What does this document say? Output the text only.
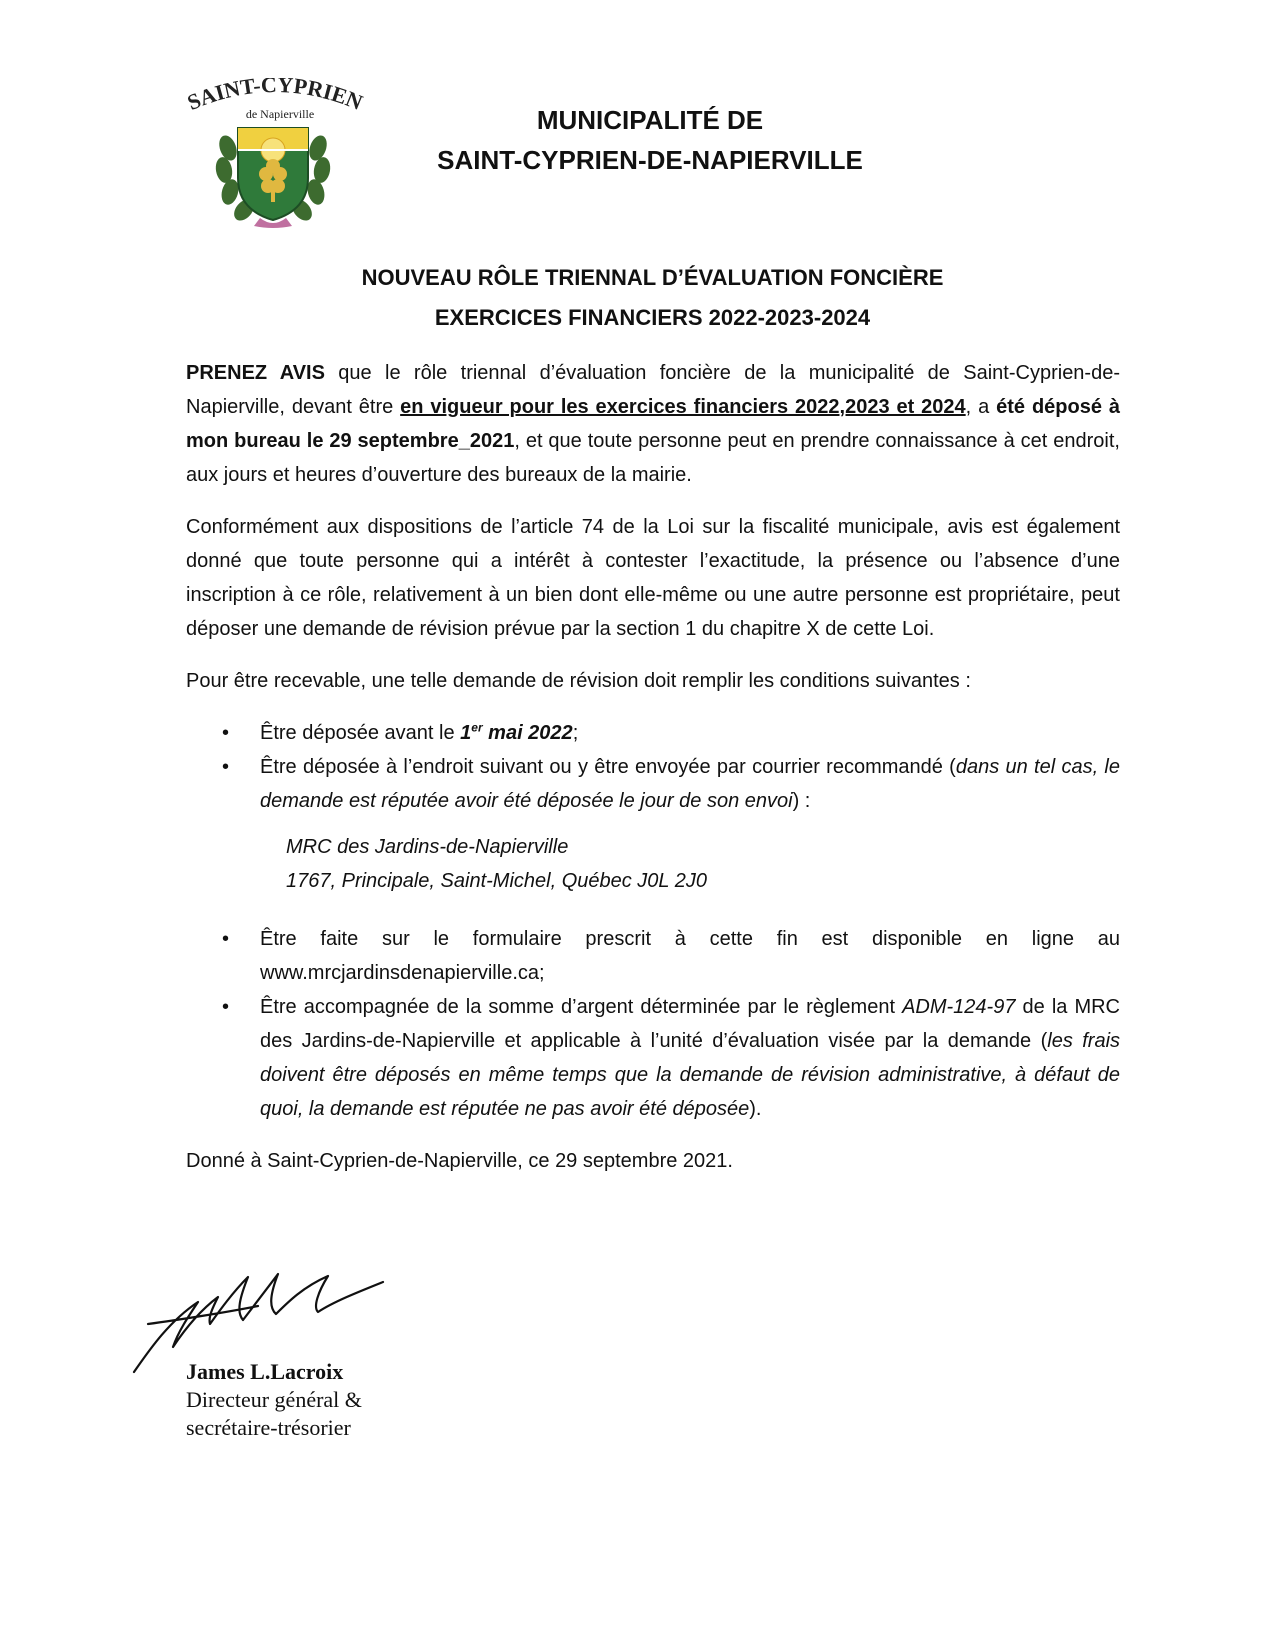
SAINT-CYPRIEN
de Napierville	MUNICIPALITÉ DE
SAINT-CYPRIEN-DE-NAPIERVILLE
NOUVEAU RÔLE TRIENNAL D’ÉVALUATION FONCIÈRE
EXERCICES FINANCIERS 2022-2023-2024

PRENEZ AVIS que le rôle triennal d’évaluation foncière de la municipalité de Saint-Cyprien-de-Napierville, devant être en vigueur pour les exercices financiers 2022,2023 et 2024, a été déposé à mon bureau le 29 septembre_2021, et que toute personne peut en prendre connaissance à cet endroit, aux jours et heures d’ouverture des bureaux de la mairie.

Conformément aux dispositions de l’article 74 de la Loi sur la fiscalité municipale, avis est également donné que toute personne qui a intérêt à contester l’exactitude, la présence ou l’absence d’une inscription à ce rôle, relativement à un bien dont elle-même ou une autre personne est propriétaire, peut déposer une demande de révision prévue par la section 1 du chapitre X de cette Loi.

Pour être recevable, une telle demande de révision doit remplir les conditions suivantes :

• Être déposée avant le 1er mai 2022;
• Être déposée à l’endroit suivant ou y être envoyée par courrier recommandé (dans un tel cas, le demande est réputée avoir été déposée le jour de son envoi) :
MRC des Jardins-de-Napierville
1767, Principale, Saint-Michel, Québec J0L 2J0
• Être faite sur le formulaire prescrit à cette fin est disponible en ligne au www.mrcjardinsdenapierville.ca;
• Être accompagnée de la somme d’argent déterminée par le règlement ADM-124-97 de la MRC des Jardins-de-Napierville et applicable à l’unité d’évaluation visée par la demande (les frais doivent être déposés en même temps que la demande de révision administrative, à défaut de quoi, la demande est réputée ne pas avoir été déposée).

Donné à Saint-Cyprien-de-Napierville, ce 29 septembre 2021.

James L.Lacroix
Directeur général &
secrétaire-trésorier
